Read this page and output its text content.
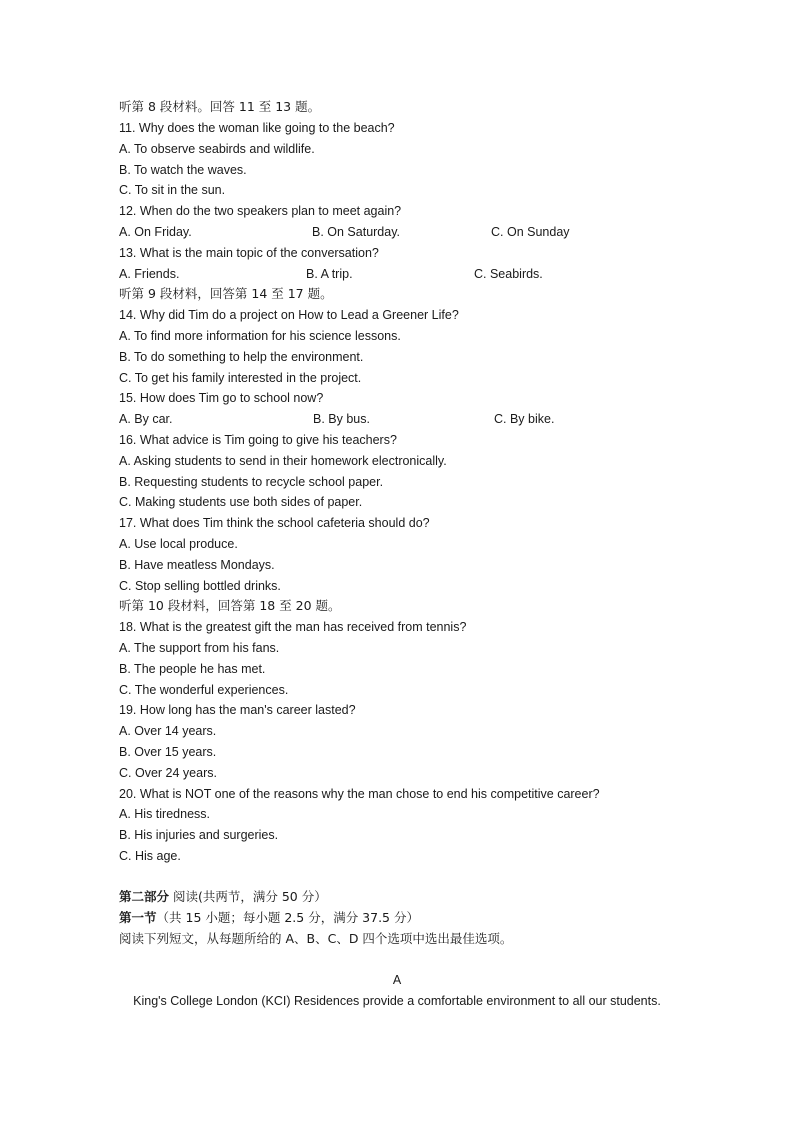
听第 8 段材料。回答 11 至 13 题。
11. Why does the woman like going to the beach?
A. To observe seabirds and wildlife.
B. To watch the waves.
C. To sit in the sun.
12. When do the two speakers plan to meet again?
A. On Friday.	B. On Saturday.	C. On Sunday
13. What is the main topic of the conversation?
A. Friends.	B. A trip.	C. Seabirds.
听第 9 段材料，回答第 14 至 17 题。
14. Why did Tim do a project on How to Lead a Greener Life?
A. To find more information for his science lessons.
B. To do something to help the environment.
C. To get his family interested in the project.
15. How does Tim go to school now?
A. By car.	B. By bus.	C. By bike.
16. What advice is Tim going to give his teachers?
A. Asking students to send in their homework electronically.
B. Requesting students to recycle school paper.
C. Making students use both sides of paper.
17. What does Tim think the school cafeteria should do?
A. Use local produce.
B. Have meatless Mondays.
C. Stop selling bottled drinks.
听第 10 段材料，回答第 18 至 20 题。
18. What is the greatest gift the man has received from tennis?
A. The support from his fans.
B. The people he has met.
C. The wonderful experiences.
19. How long has the man's career lasted?
A. Over 14 years.
B. Over 15 years.
C. Over 24 years.
20. What is NOT one of the reasons why the man chose to end his competitive career?
A. His tiredness.
B. His injuries and surgeries.
C. His age.
第二部分 阅读(共两节，满分 50 分）
第一节（共 15 小题；每小题 2.5 分，满分 37.5 分）
阅读下列短文，从每题所给的 A、B、C、D 四个选项中选出最佳选项。
A
King's College London (KCI) Residences provide a comfortable environment to all our students.
